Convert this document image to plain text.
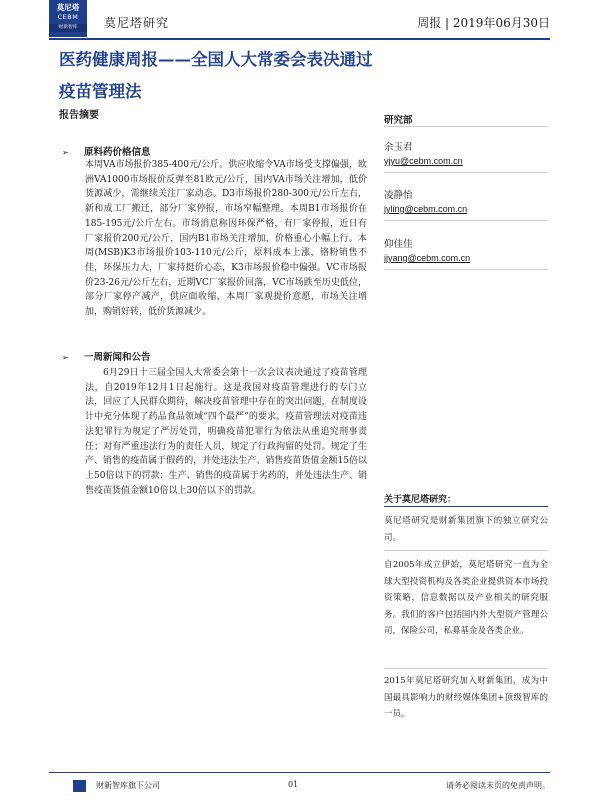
莫尼塔
CEBM
财新智库	莫尼塔研究	周报 | 2019年06月30日
医药健康周报——全国人大常委会表决通过疫苗管理法
报告摘要
➢ 原料药价格信息
本周VA市场报价385-400元/公斤。供应收缩令VA市场受支撑偏强，欧洲VA1000市场报价反弹至81欧元/公斤，国内VA市场关注增加，低价货源减少，需继续关注厂家动态。D3市场报价280-300元/公斤左右，新和成工厂搬迁，部分厂家停报，市场窄幅整理。本周B1市场报价在185-195元/公斤左右。市场消息称因环保严格，有厂家停报，近日有厂家报价200元/公斤，国内B1市场关注增加，价格重心小幅上行。本周(MSB)K3市场报价103-110元/公斤，原料成本上涨，铬粉销售不佳，环保压力大，厂家持挺价心态，K3市场报价稳中偏强。VC市场报价23-26元/公斤左右，近期VC厂家报价回落，VC市场跌至历史低位，部分厂家停产减产，供应面收缩，本周厂家观提价意愿，市场关注增加，购销好转，低价货源减少。
➢ 一周新闻和公告
6月29日十三届全国人大常委会第十一次会议表决通过了疫苗管理法，自2019年12月1日起施行。这是我国对疫苗管理进行的专门立法，回应了人民群众期待，解决疫苗管理中存在的突出问题，在制度设计中充分体现了药品食品领域“四个最严”的要求。疫苗管理法对疫苗违法犯罪行为规定了严厉处罚，明确疫苗犯罪行为依法从重追究刑事责任；对有严重违法行为的责任人员，规定了行政拘留的处罚。规定了生产、销售的疫苗属于假药的，并处违法生产、销售疫苗货值金额15倍以上50倍以下的罚款；生产、销售的疫苗属于劣药的，并处违法生产、销售疫苗货值金额10倍以上30倍以下的罚款。
研究部
余玉君
yjyu@cebm.com.cn
凌静怡
jyling@cebm.com.cn
仰佳佳
jjyang@cebm.com.cn
关于莫尼塔研究：
莫尼塔研究是财新集团旗下的独立研究公司。
自2005年成立伊始，莫尼塔研究一直为全球大型投资机构及各类企业提供资本市场投资策略，信息数据以及产业相关的研究服务。我们的客户包括国内外大型资产管理公司，保险公司，私募基金及各类企业。
2015年莫尼塔研究加入财新集团，成为中国最具影响力的财经媒体集团+顶级智库的一员。
财新智库旗下公司	01	请务必阅读末页的免责声明。
